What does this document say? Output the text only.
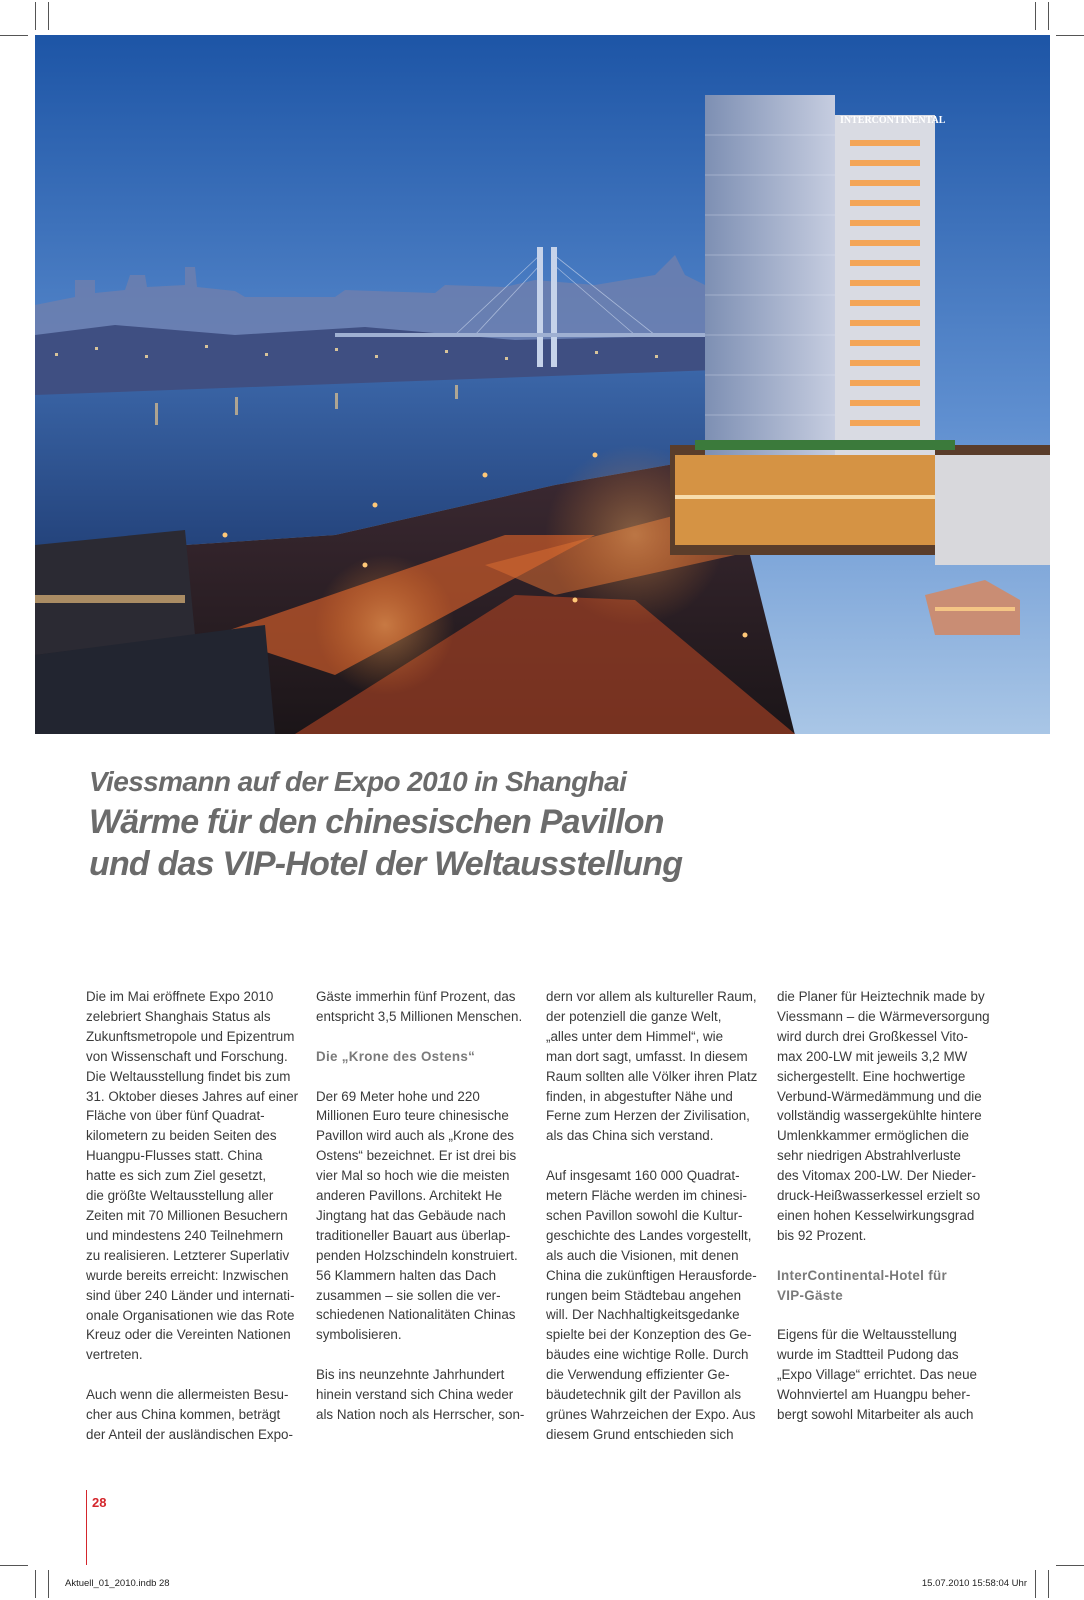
INTERCONTINENTAL
Viessmann auf der Expo 2010 in Shanghai
Wärme für den chinesischen Pavillon
und das VIP-Hotel der Weltausstellung

Die im Mai eröffnete Expo 2010
zelebriert Shanghais Status als
Zukunftsmetropole und Epizentrum
von Wissenschaft und Forschung.
Die Weltausstellung findet bis zum
31. Oktober dieses Jahres auf einer
Fläche von über fünf Quadrat-
kilometern zu beiden Seiten des
Huangpu-Flusses statt. China
hatte es sich zum Ziel gesetzt,
die größte Weltausstellung aller
Zeiten mit 70 Millionen Besuchern
und mindestens 240 Teilnehmern
zu realisieren. Letzterer Superlativ
wurde bereits erreicht: Inzwischen
sind über 240 Länder und internati-
onale Organisationen wie das Rote
Kreuz oder die Vereinten Nationen
vertreten.

Auch wenn die allermeisten Besu-
cher aus China kommen, beträgt
der Anteil der ausländischen Expo-

Gäste immerhin fünf Prozent, das
entspricht 3,5 Millionen Menschen.

Die „Krone des Ostens“

Der 69 Meter hohe und 220
Millionen Euro teure chinesische
Pavillon wird auch als „Krone des
Ostens“ bezeichnet. Er ist drei bis
vier Mal so hoch wie die meisten
anderen Pavillons. Architekt He
Jingtang hat das Gebäude nach
traditioneller Bauart aus überlap-
penden Holzschindeln konstruiert.
56 Klammern halten das Dach
zusammen – sie sollen die ver-
schiedenen Nationalitäten Chinas
symbolisieren.

Bis ins neunzehnte Jahrhundert
hinein verstand sich China weder
als Nation noch als Herrscher, son-

dern vor allem als kultureller Raum,
der potenziell die ganze Welt,
„alles unter dem Himmel“, wie
man dort sagt, umfasst. In diesem
Raum sollten alle Völker ihren Platz
finden, in abgestufter Nähe und
Ferne zum Herzen der Zivilisation,
als das China sich verstand.

Auf insgesamt 160 000 Quadrat-
metern Fläche werden im chinesi-
schen Pavillon sowohl die Kultur-
geschichte des Landes vorgestellt,
als auch die Visionen, mit denen
China die zukünftigen Herausforde-
rungen beim Städtebau angehen
will. Der Nachhaltigkeitsgedanke
spielte bei der Konzeption des Ge-
bäudes eine wichtige Rolle. Durch
die Verwendung effizienter Ge-
bäudetechnik gilt der Pavillon als
grünes Wahrzeichen der Expo. Aus
diesem Grund entschieden sich

die Planer für Heiztechnik made by
Viessmann – die Wärmeversorgung
wird durch drei Großkessel Vito-
max 200-LW mit jeweils 3,2 MW
sichergestellt. Eine hochwertige
Verbund-Wärmedämmung und die
vollständig wassergekühlte hintere
Umlenkkammer ermöglichen die
sehr niedrigen Abstrahlverluste
des Vitomax 200-LW. Der Nieder-
druck-Heißwasserkessel erzielt so
einen hohen Kesselwirkungsgrad
bis 92 Prozent.

InterContinental-Hotel für
VIP-Gäste

Eigens für die Weltausstellung
wurde im Stadtteil Pudong das
„Expo Village“ errichtet. Das neue
Wohnviertel am Huangpu beher-
bergt sowohl Mitarbeiter als auch

28
Aktuell_01_2010.indb 28	15.07.2010 15:58:04 Uhr
